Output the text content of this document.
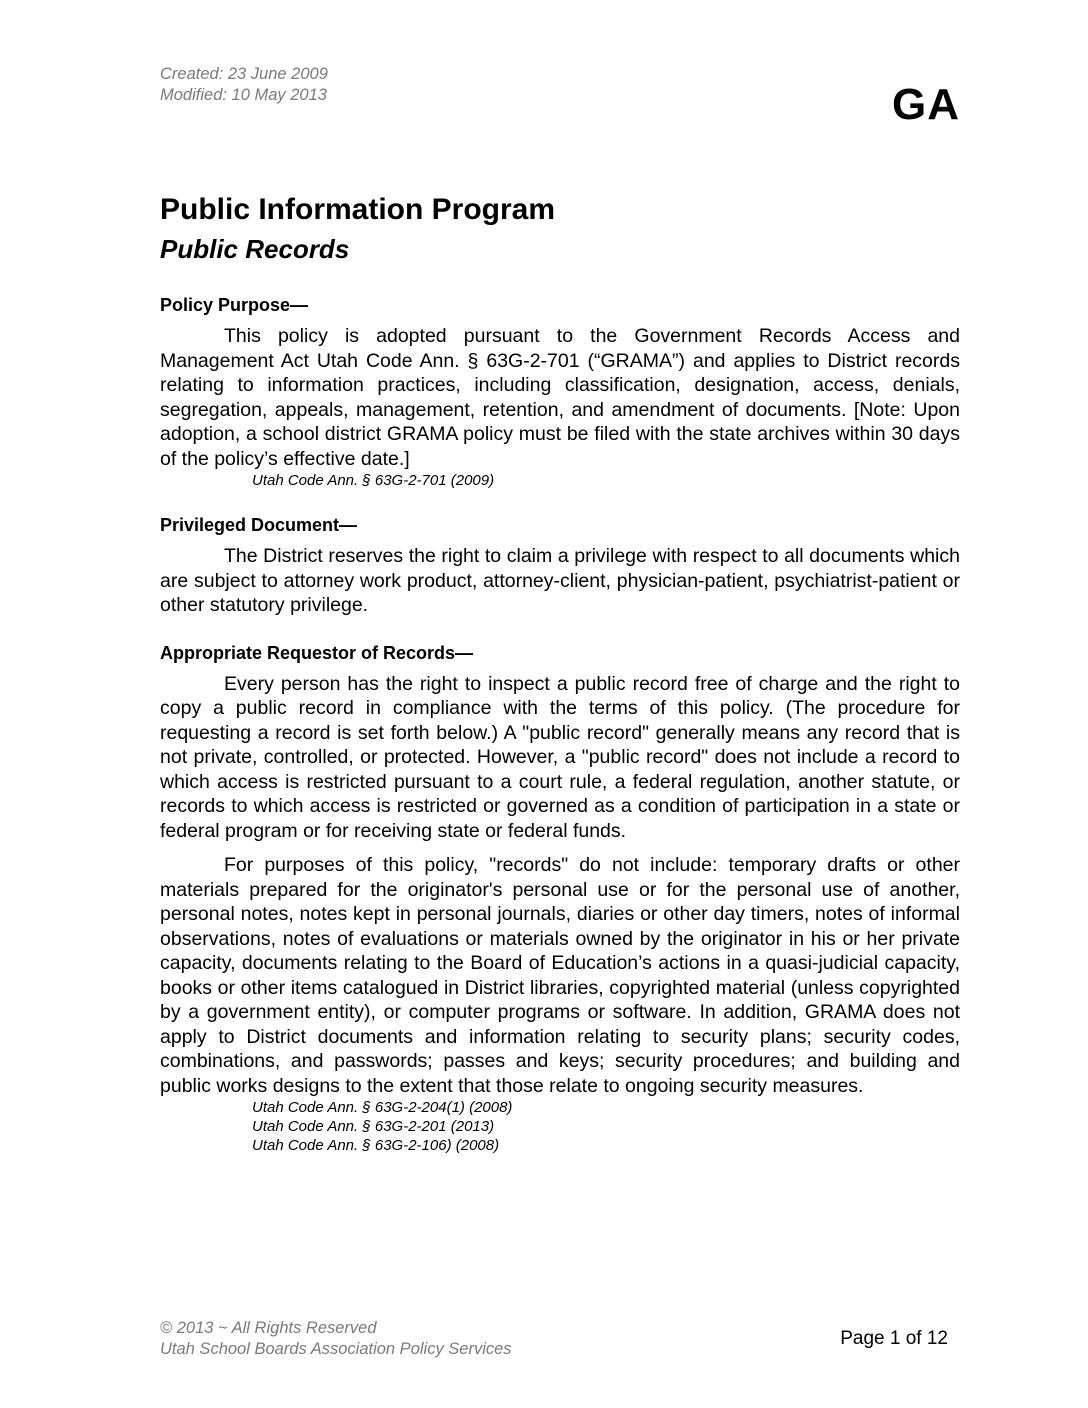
Created: 23 June 2009
Modified: 10 May 2013	GA
Public Information Program
Public Records
Policy Purpose—

This policy is adopted pursuant to the Government Records Access and Management Act Utah Code Ann. § 63G-2-701 (“GRAMA”) and applies to District records relating to information practices, including classification, designation, access, denials, segregation, appeals, management, retention, and amendment of documents. [Note: Upon adoption, a school district GRAMA policy must be filed with the state archives within 30 days of the policy’s effective date.]

Utah Code Ann. § 63G-2-701 (2009)
Privileged Document—

The District reserves the right to claim a privilege with respect to all documents which are subject to attorney work product, attorney-client, physician-patient, psychiatrist-patient or other statutory privilege.

Appropriate Requestor of Records—

Every person has the right to inspect a public record free of charge and the right to copy a public record in compliance with the terms of this policy. (The procedure for requesting a record is set forth below.) A "public record" generally means any record that is not private, controlled, or protected. However, a "public record" does not include a record to which access is restricted pursuant to a court rule, a federal regulation, another statute, or records to which access is restricted or governed as a condition of participation in a state or federal program or for receiving state or federal funds.

For purposes of this policy, "records" do not include: temporary drafts or other materials prepared for the originator's personal use or for the personal use of another, personal notes, notes kept in personal journals, diaries or other day timers, notes of informal observations, notes of evaluations or materials owned by the originator in his or her private capacity, documents relating to the Board of Education’s actions in a quasi-judicial capacity, books or other items catalogued in District libraries, copyrighted material (unless copyrighted by a government entity), or computer programs or software. In addition, GRAMA does not apply to District documents and information relating to security plans; security codes, combinations, and passwords; passes and keys; security procedures; and building and public works designs to the extent that those relate to ongoing security measures.

Utah Code Ann. § 63G-2-204(1) (2008)
Utah Code Ann. § 63G-2-201 (2013)
Utah Code Ann. § 63G-2-106) (2008)
© 2013 ~ All Rights Reserved
Utah School Boards Association Policy Services	Page 1 of 12
